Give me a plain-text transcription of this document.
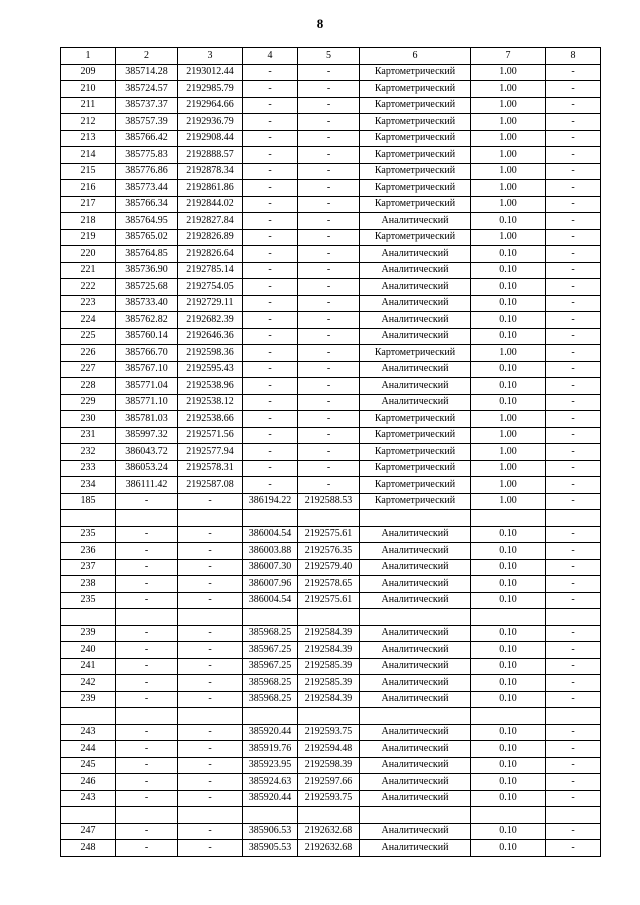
8
1	2	3	4	5	6	7	8
209	385714.28	2193012.44	-	-	Картометрический	1.00	-
210	385724.57	2192985.79	-	-	Картометрический	1.00	-
211	385737.37	2192964.66	-	-	Картометрический	1.00	-
212	385757.39	2192936.79	-	-	Картометрический	1.00	-
213	385766.42	2192908.44	-	-	Картометрический	1.00	-
214	385775.83	2192888.57	-	-	Картометрический	1.00	-
215	385776.86	2192878.34	-	-	Картометрический	1.00	-
216	385773.44	2192861.86	-	-	Картометрический	1.00	-
217	385766.34	2192844.02	-	-	Картометрический	1.00	-
218	385764.95	2192827.84	-	-	Аналитический	0.10	-
219	385765.02	2192826.89	-	-	Картометрический	1.00	-
220	385764.85	2192826.64	-	-	Аналитический	0.10	-
221	385736.90	2192785.14	-	-	Аналитический	0.10	-
222	385725.68	2192754.05	-	-	Аналитический	0.10	-
223	385733.40	2192729.11	-	-	Аналитический	0.10	-
224	385762.82	2192682.39	-	-	Аналитический	0.10	-
225	385760.14	2192646.36	-	-	Аналитический	0.10	-
226	385766.70	2192598.36	-	-	Картометрический	1.00	-
227	385767.10	2192595.43	-	-	Аналитический	0.10	-
228	385771.04	2192538.96	-	-	Аналитический	0.10	-
229	385771.10	2192538.12	-	-	Аналитический	0.10	-
230	385781.03	2192538.66	-	-	Картометрический	1.00	-
231	385997.32	2192571.56	-	-	Картометрический	1.00	-
232	386043.72	2192577.94	-	-	Картометрический	1.00	-
233	386053.24	2192578.31	-	-	Картометрический	1.00	-
234	386111.42	2192587.08	-	-	Картометрический	1.00	-
185	-	-	386194.22	2192588.53	Картометрический	1.00	-

235	-	-	386004.54	2192575.61	Аналитический	0.10	-
236	-	-	386003.88	2192576.35	Аналитический	0.10	-
237	-	-	386007.30	2192579.40	Аналитический	0.10	-
238	-	-	386007.96	2192578.65	Аналитический	0.10	-
235	-	-	386004.54	2192575.61	Аналитический	0.10	-

239	-	-	385968.25	2192584.39	Аналитический	0.10	-
240	-	-	385967.25	2192584.39	Аналитический	0.10	-
241	-	-	385967.25	2192585.39	Аналитический	0.10	-
242	-	-	385968.25	2192585.39	Аналитический	0.10	-
239	-	-	385968.25	2192584.39	Аналитический	0.10	-

243	-	-	385920.44	2192593.75	Аналитический	0.10	-
244	-	-	385919.76	2192594.48	Аналитический	0.10	-
245	-	-	385923.95	2192598.39	Аналитический	0.10	-
246	-	-	385924.63	2192597.66	Аналитический	0.10	-
243	-	-	385920.44	2192593.75	Аналитический	0.10	-

247	-	-	385906.53	2192632.68	Аналитический	0.10	-
248	-	-	385905.53	2192632.68	Аналитический	0.10	-
